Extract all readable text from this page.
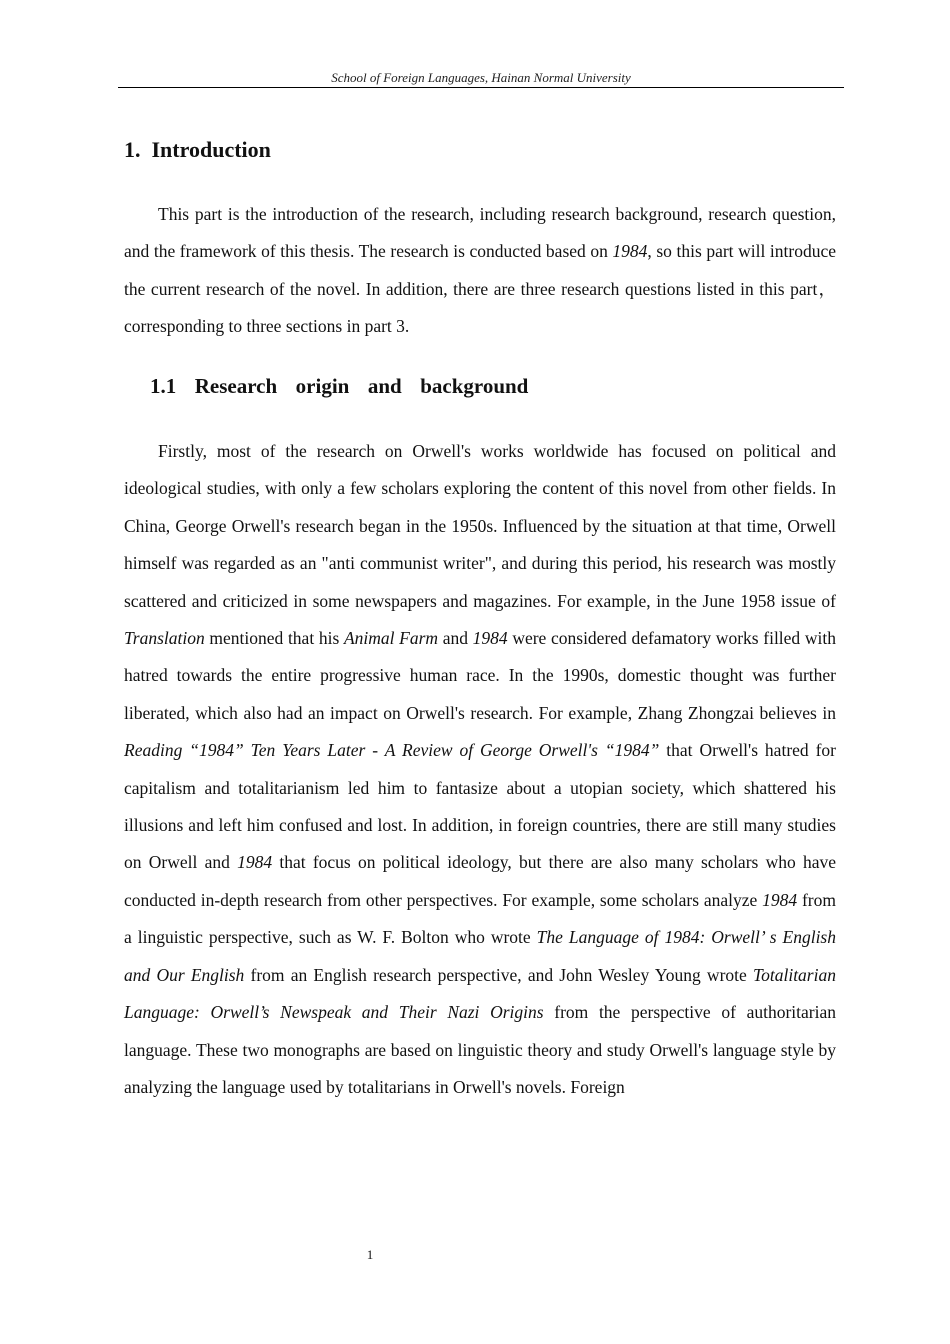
School of Foreign Languages, Hainan Normal University
1.  Introduction

This part is the introduction of the research, including research background, research question, and the framework of this thesis. The research is conducted based on 1984, so this part will introduce the current research of the novel. In addition, there are three research questions listed in this part， corresponding to three sections in part 3.

1.1  Research  origin  and  background

Firstly, most of the research on Orwell's works worldwide has focused on political and ideological studies, with only a few scholars exploring the content of this novel from other fields. In China, George Orwell's research began in the 1950s. Influenced by the situation at that time, Orwell himself was regarded as an "anti communist writer", and during this period, his research was mostly scattered and criticized in some newspapers and magazines. For example, in the June 1958 issue of Translation mentioned that his Animal Farm and 1984 were considered defamatory works filled with hatred towards the entire progressive human race. In the 1990s, domestic thought was further liberated, which also had an impact on Orwell's research. For example, Zhang Zhongzai believes in Reading “1984” Ten Years Later - A Review of George Orwell's “1984” that Orwell's hatred for capitalism and totalitarianism led him to fantasize about a utopian society, which shattered his illusions and left him confused and lost. In addition, in foreign countries, there are still many studies on Orwell and 1984 that focus on political ideology, but there are also many scholars who have conducted in-depth research from other perspectives. For example, some scholars analyze 1984 from a linguistic perspective, such as W. F. Bolton who wrote The Language of 1984: Orwell’ s English and Our English from an English research perspective, and John Wesley Young wrote Totalitarian Language: Orwell’s Newspeak and Their Nazi Origins from the perspective of authoritarian language. These two monographs are based on linguistic theory and study Orwell's language style by analyzing the language used by totalitarians in Orwell's novels. Foreign

1
